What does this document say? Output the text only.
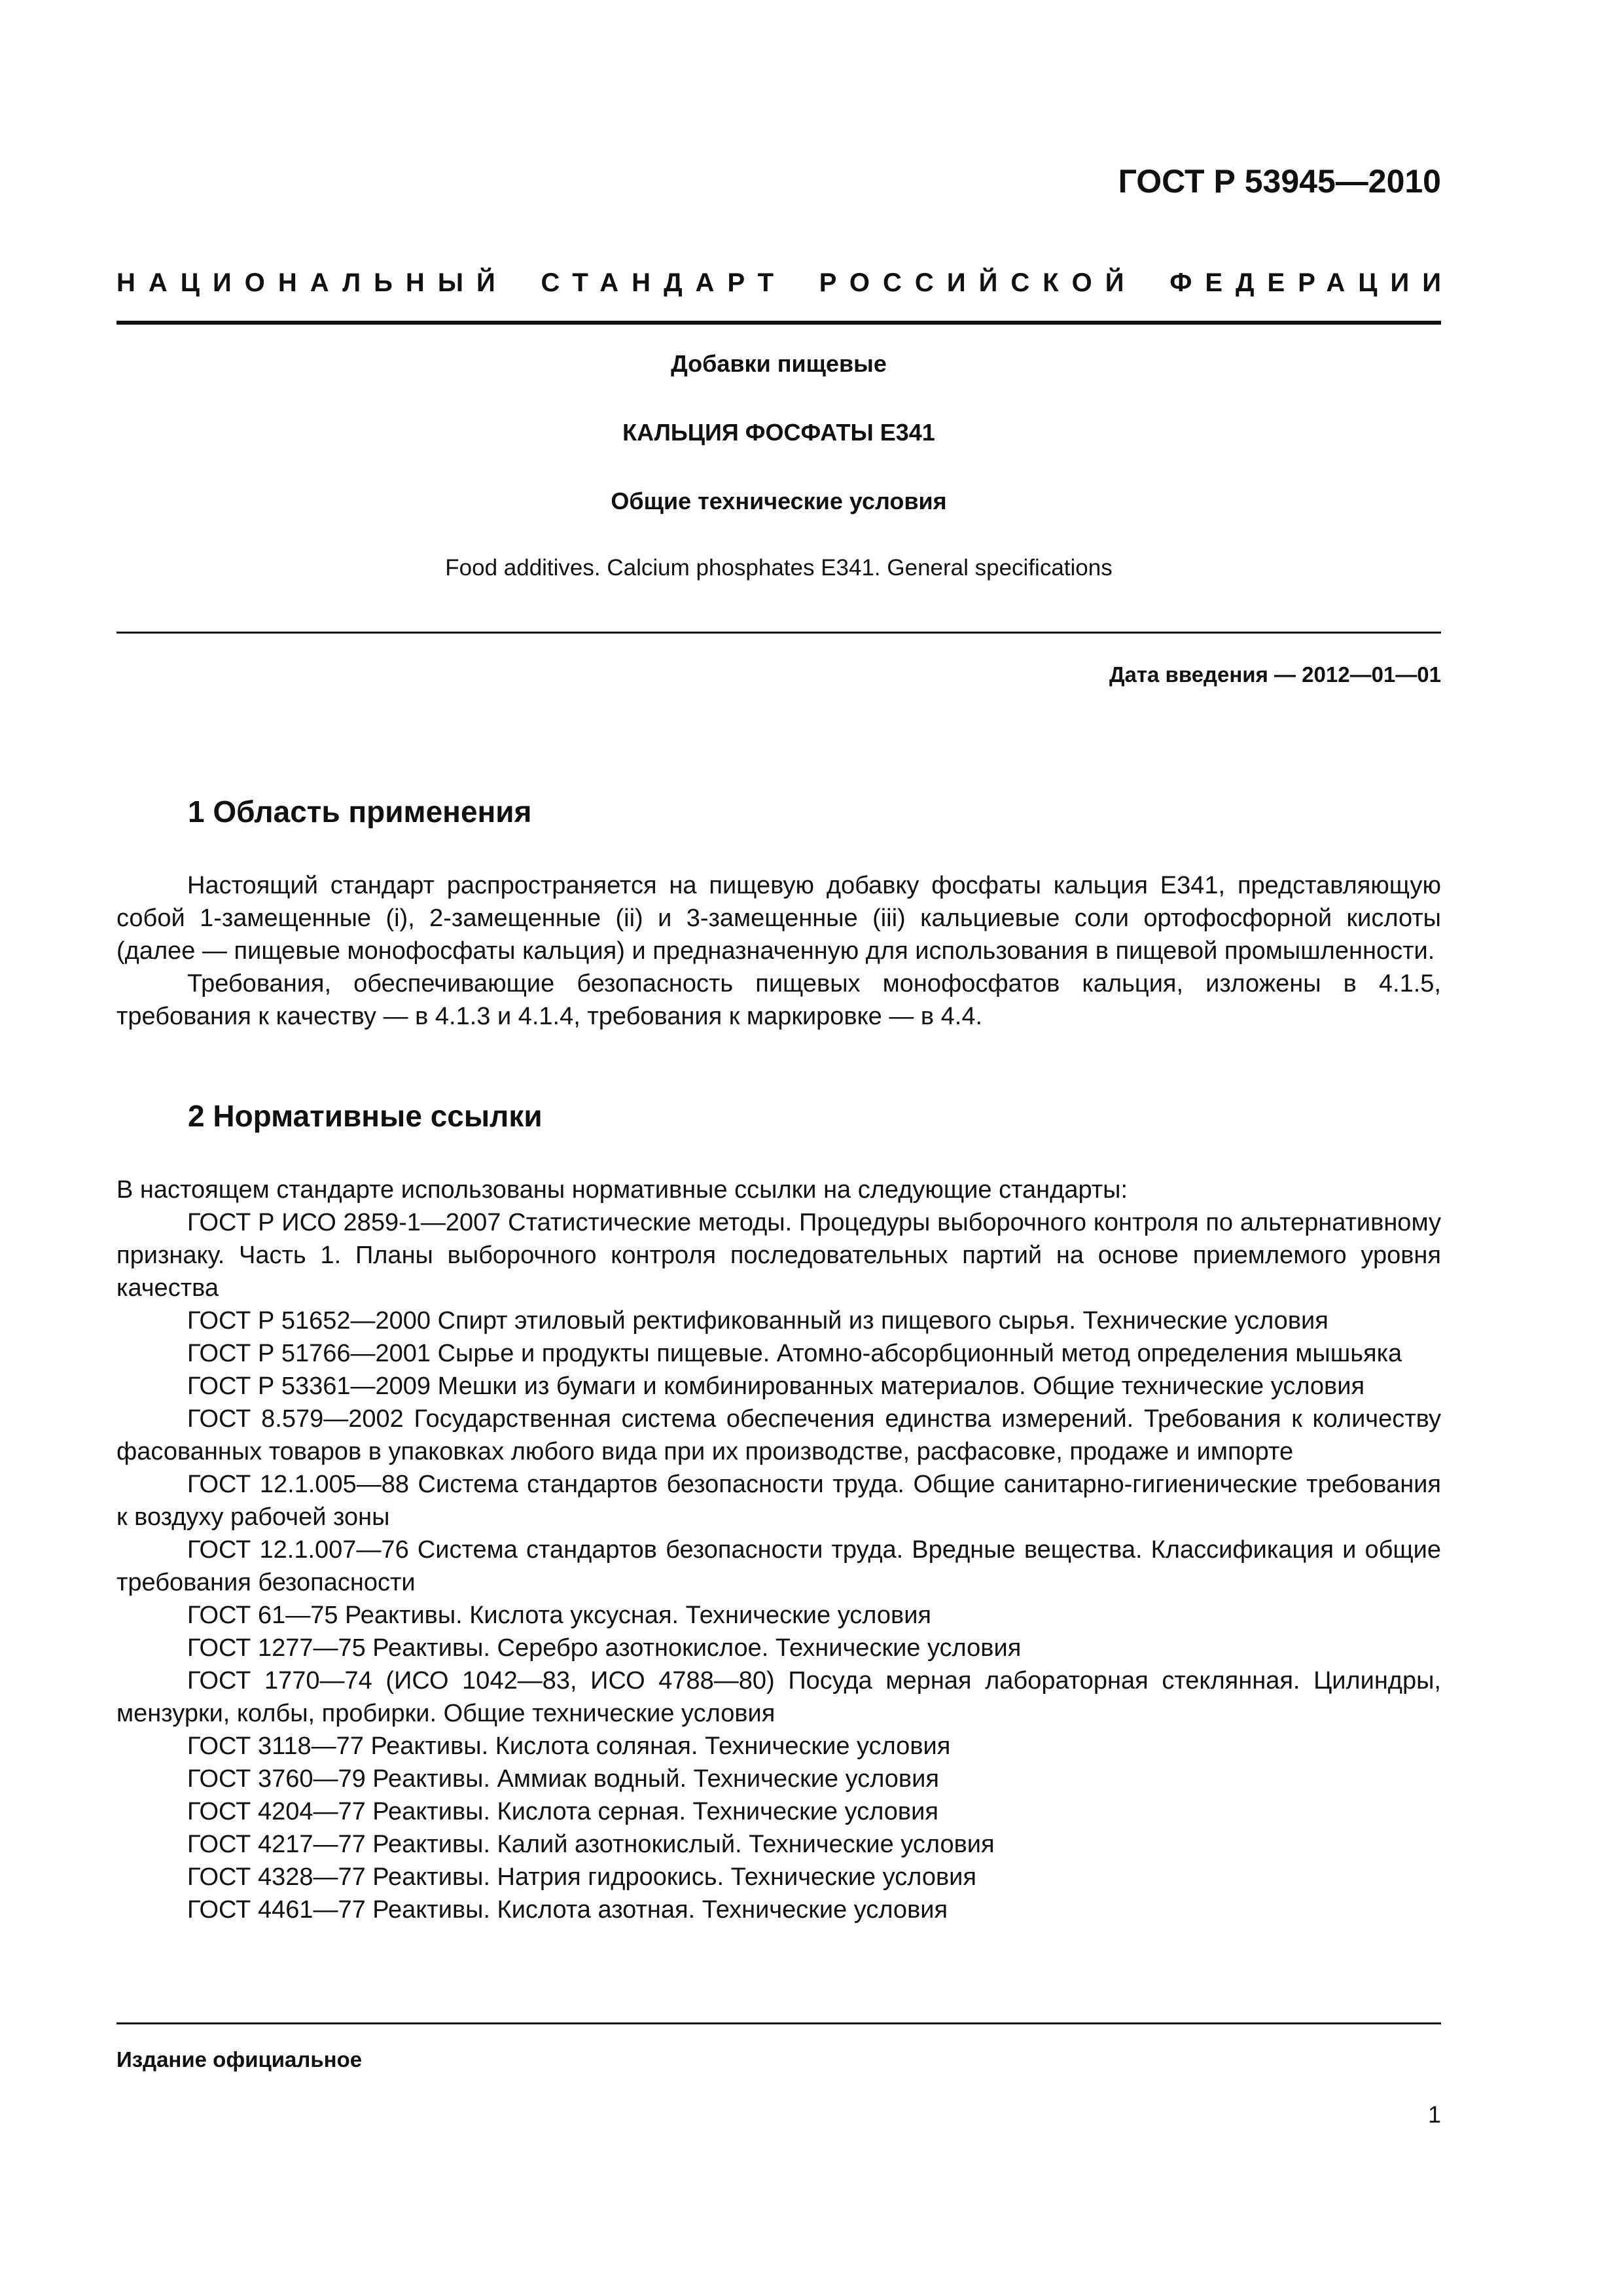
ГОСТ Р 53945—2010
НАЦИОНАЛЬНЫЙ СТАНДАРТ РОССИЙСКОЙ ФЕДЕРАЦИИ
Добавки пищевые
КАЛЬЦИЯ ФОСФАТЫ Е341
Общие технические условия
Food additives. Calcium phosphates E341. General specifications
Дата введения — 2012—01—01
1 Область применения

Настоящий стандарт распространяется на пищевую добавку фосфаты кальция Е341, представляющую собой 1-замещенные (i), 2-замещенные (ii) и 3-замещенные (iii) кальциевые соли ортофосфорной кислоты (далее — пищевые монофосфаты кальция) и предназначенную для использования в пищевой промышленности.

Требования, обеспечивающие безопасность пищевых монофосфатов кальция, изложены в 4.1.5, требования к качеству — в 4.1.3 и 4.1.4, требования к маркировке — в 4.4.

2 Нормативные ссылки

В настоящем стандарте использованы нормативные ссылки на следующие стандарты:

ГОСТ Р ИСО 2859-1—2007 Статистические методы. Процедуры выборочного контроля по альтернативному признаку. Часть 1. Планы выборочного контроля последовательных партий на основе приемлемого уровня качества

ГОСТ Р 51652—2000 Спирт этиловый ректификованный из пищевого сырья. Технические условия

ГОСТ Р 51766—2001 Сырье и продукты пищевые. Атомно-абсорбционный метод определения мышьяка

ГОСТ Р 53361—2009 Мешки из бумаги и комбинированных материалов. Общие технические условия

ГОСТ 8.579—2002 Государственная система обеспечения единства измерений. Требования к количеству фасованных товаров в упаковках любого вида при их производстве, расфасовке, продаже и импорте

ГОСТ 12.1.005—88 Система стандартов безопасности труда. Общие санитарно-гигиенические требования к воздуху рабочей зоны

ГОСТ 12.1.007—76 Система стандартов безопасности труда. Вредные вещества. Классификация и общие требования безопасности

ГОСТ 61—75 Реактивы. Кислота уксусная. Технические условия

ГОСТ 1277—75 Реактивы. Серебро азотнокислое. Технические условия

ГОСТ 1770—74 (ИСО 1042—83, ИСО 4788—80) Посуда мерная лабораторная стеклянная. Цилиндры, мензурки, колбы, пробирки. Общие технические условия

ГОСТ 3118—77 Реактивы. Кислота соляная. Технические условия

ГОСТ 3760—79 Реактивы. Аммиак водный. Технические условия

ГОСТ 4204—77 Реактивы. Кислота серная. Технические условия

ГОСТ 4217—77 Реактивы. Калий азотнокислый. Технические условия

ГОСТ 4328—77 Реактивы. Натрия гидроокись. Технические условия

ГОСТ 4461—77 Реактивы. Кислота азотная. Технические условия

Издание официальное
1
